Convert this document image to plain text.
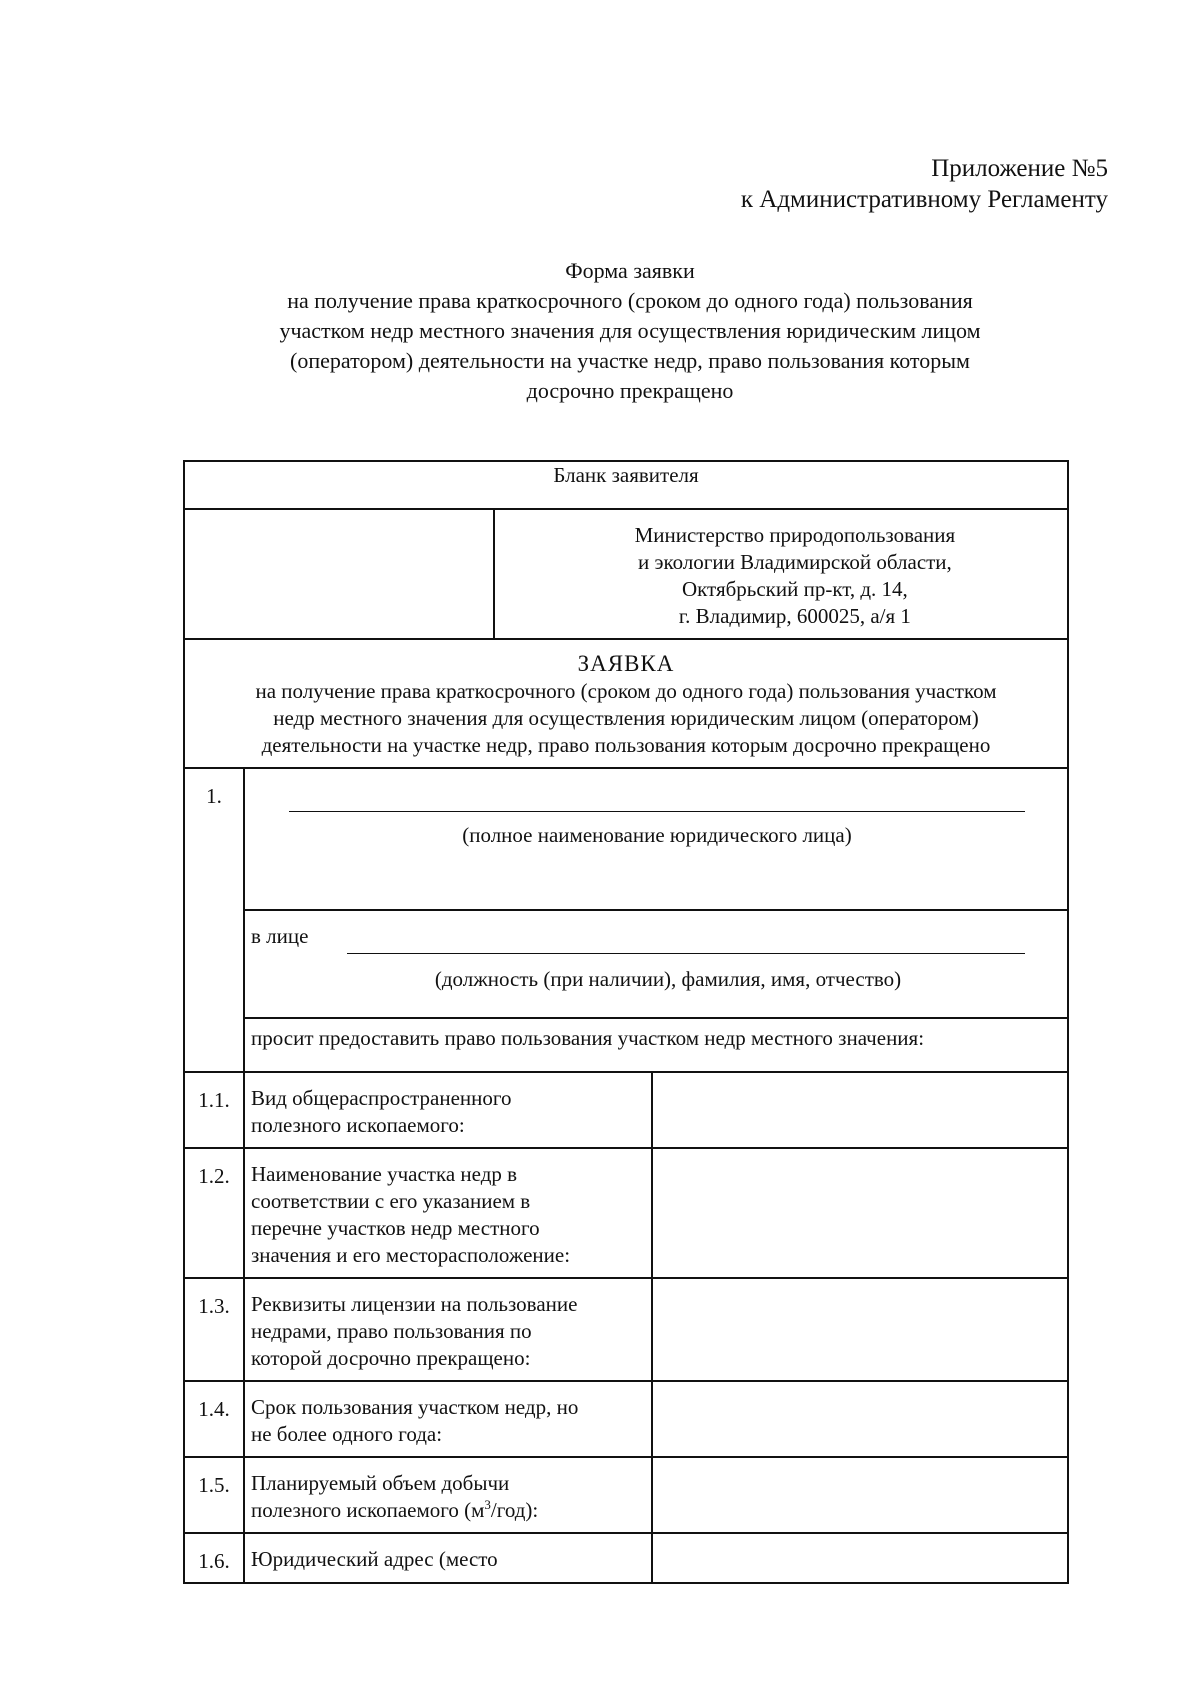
Приложение №5
к Административному Регламенту
Форма заявки
на получение права краткосрочного (сроком до одного года) пользования
участком недр местного значения для осуществления юридическим лицом
(оператором) деятельности на участке недр, право пользования которым
досрочно прекращено
Бланк заявителя			

		Министерство природопользования
и экологии Владимирской области,
Октябрьский пр-кт, д. 14,
г. Владимир, 600025, а/я 1	

ЗАЯВКА
на получение права краткосрочного (сроком до одного года) пользования участком
недр местного значения для осуществления юридическим лицом (оператором)
деятельности на участке недр, право пользования которым досрочно прекращено			

1.	(полное наименование юридического лица)		

	в лице
(должность (при наличии), фамилия, имя, отчество)		

	просит предоставить право пользования участком недр местного значения:		
1.1.	Вид общераспространенного
полезного ископаемого:		

1.2.	Наименование участка недр в
соответствии с его указанием в
перечне участков недр местного
значения и его месторасположение:		

1.3.	Реквизиты лицензии на пользование
недрами, право пользования по
которой досрочно прекращено:		

1.4.	Срок пользования участком недр, но
не более одного года:		

1.5.	Планируемый объем добычи
полезного ископаемого $(м^3/год)$:		

1.6.	Юридический адрес (место		
